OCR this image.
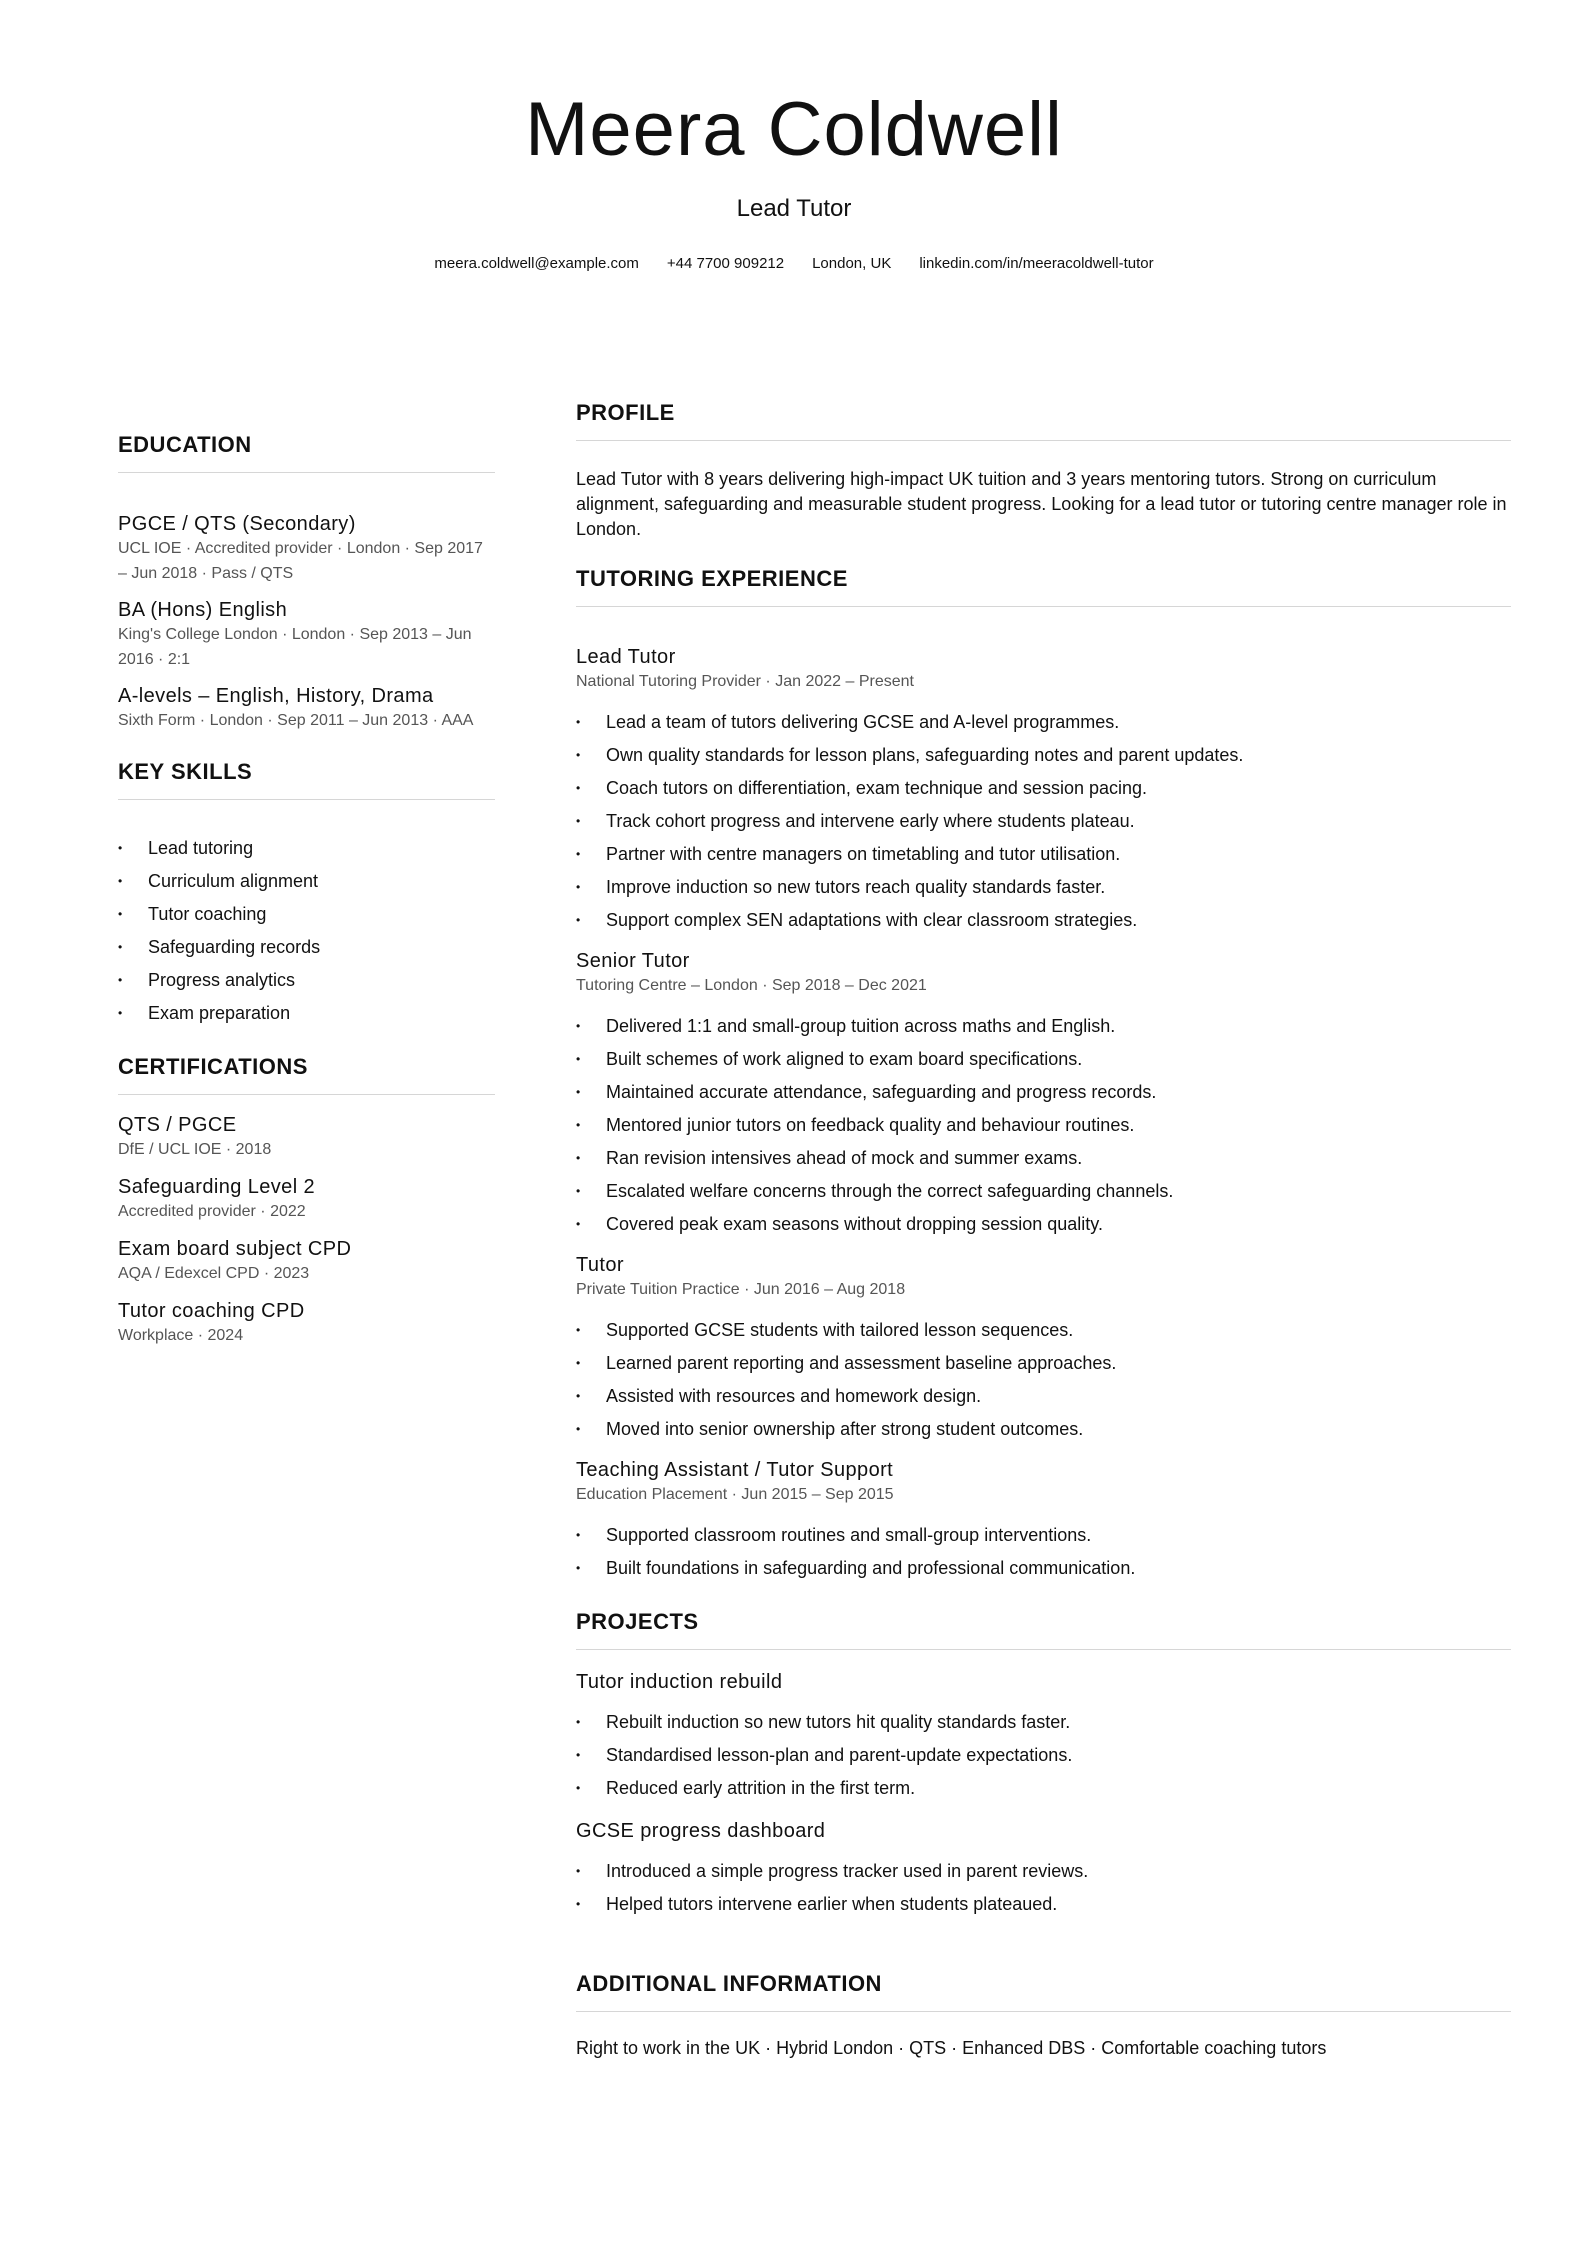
Meera Coldwell
Lead Tutor
meera.coldwell@example.com +44 7700 909212 London, UK linkedin.com/in/meeracoldwell-tutor
EDUCATION
PGCE / QTS (Secondary)
UCL IOE · Accredited provider · London · Sep 2017 – Jun 2018 · Pass / QTS
BA (Hons) English
King's College London · London · Sep 2013 – Jun 2016 · 2:1
A-levels – English, History, Drama
Sixth Form · London · Sep 2011 – Jun 2013 · AAA
KEY SKILLS
• Lead tutoring
• Curriculum alignment
• Tutor coaching
• Safeguarding records
• Progress analytics
• Exam preparation
CERTIFICATIONS
QTS / PGCE
DfE / UCL IOE · 2018
Safeguarding Level 2
Accredited provider · 2022
Exam board subject CPD
AQA / Edexcel CPD · 2023
Tutor coaching CPD
Workplace · 2024
PROFILE
Lead Tutor with 8 years delivering high-impact UK tuition and 3 years mentoring tutors. Strong on curriculum alignment, safeguarding and measurable student progress. Looking for a lead tutor or tutoring centre manager role in London.
TUTORING EXPERIENCE
Lead Tutor
National Tutoring Provider · Jan 2022 – Present
• Lead a team of tutors delivering GCSE and A-level programmes.
• Own quality standards for lesson plans, safeguarding notes and parent updates.
• Coach tutors on differentiation, exam technique and session pacing.
• Track cohort progress and intervene early where students plateau.
• Partner with centre managers on timetabling and tutor utilisation.
• Improve induction so new tutors reach quality standards faster.
• Support complex SEN adaptations with clear classroom strategies.
Senior Tutor
Tutoring Centre – London · Sep 2018 – Dec 2021
• Delivered 1:1 and small-group tuition across maths and English.
• Built schemes of work aligned to exam board specifications.
• Maintained accurate attendance, safeguarding and progress records.
• Mentored junior tutors on feedback quality and behaviour routines.
• Ran revision intensives ahead of mock and summer exams.
• Escalated welfare concerns through the correct safeguarding channels.
• Covered peak exam seasons without dropping session quality.
Tutor
Private Tuition Practice · Jun 2016 – Aug 2018
• Supported GCSE students with tailored lesson sequences.
• Learned parent reporting and assessment baseline approaches.
• Assisted with resources and homework design.
• Moved into senior ownership after strong student outcomes.
Teaching Assistant / Tutor Support
Education Placement · Jun 2015 – Sep 2015
• Supported classroom routines and small-group interventions.
• Built foundations in safeguarding and professional communication.
PROJECTS
Tutor induction rebuild
• Rebuilt induction so new tutors hit quality standards faster.
• Standardised lesson-plan and parent-update expectations.
• Reduced early attrition in the first term.
GCSE progress dashboard
• Introduced a simple progress tracker used in parent reviews.
• Helped tutors intervene earlier when students plateaued.
ADDITIONAL INFORMATION
Right to work in the UK · Hybrid London · QTS · Enhanced DBS · Comfortable coaching tutors
